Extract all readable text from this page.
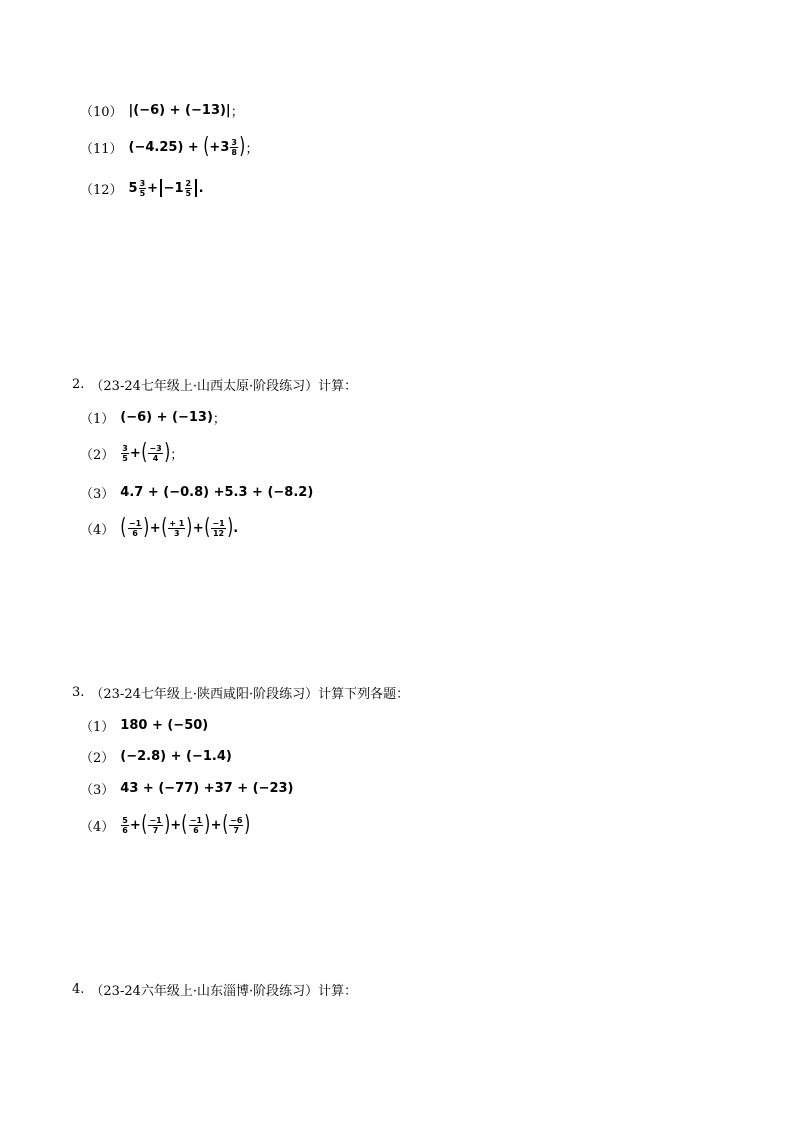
（10） |(−6) + (−13)| ；
（11） (−4.25) + ( $+3 \frac{3}{8}$ ) ；
（12） $5 \frac{3}{5} + -1 \frac{2}{5}$ .
2. （23-24七年级上·山西太原·阶段练习）计算：
（1） (−6) + (−13) ；
$(2) \frac{3}{5}$ + ( $\frac{-3}{4}$ ) ；
（3） 4.7 + (−0.8) +5.3 + (−8.2)
（4） ( $\frac{-1}{6}$ ) + ( $\frac{+ 1}{3}$ ) + ( $\frac{-1}{12}$ ) .
3. （23-24七年级上·陕西咸阳·阶段练习）计算下列各题：
（1） 180 + (−50)
（2） (−2.8) + (−1.4)
（3） 43 + (−77) +37 + (−23)
$(4) \frac{5}{6}$ + ( $\frac{-1}{7}$ ) + ( $\frac{-1}{6}$ ) + ( $\frac{-6}{7}$ )
4. （23-24六年级上·山东淄博·阶段练习）计算：
